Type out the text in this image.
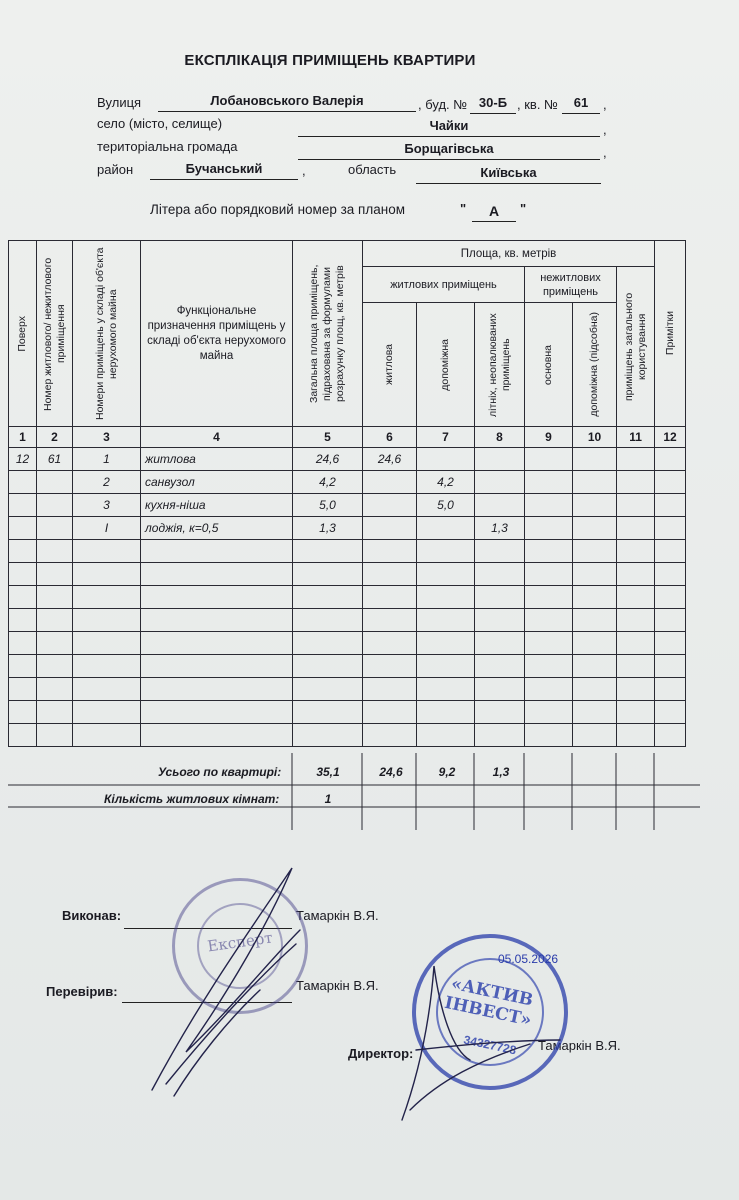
ЕКСПЛІКАЦІЯ ПРИМІЩЕНЬ КВАРТИРИ
Вулиця	Лобановського Валерія	, буд. № 30-Б , кв. №	61	,
село (місто, селище)	Чайки	,
територіальна громада	Борщагівська	,
район	Бучанський	,	область	Київська
Літера або порядковий номер за планом	"	А	"
Поверх	Номер житлового/ нежитлового приміщення	Номери приміщень у складі об'єкта нерухомого майна	Функціональне призначення приміщень у складі об'єкта нерухомого майна	Загальна площа приміщень, підрахована за формулами розрахунку площ, кв. метрів	Площа, кв. метрів						Примітки

					житлових приміщень			нежитлових приміщень		приміщень загального користування	

					житлова	допоміжна	літніх, неопалюваних приміщень	основна	допоміжна (підсобна)		

1	2	3	4	5	6	7	8	9	10	11	12
12	61	1	житлова	24,6	24,6						
		2	санвузол	4,2		4,2					
		3	кухня-ніша	5,0		5,0					
		I	лоджія, к=0,5	1,3			1,3				

Усього по квартирі:	35,1	24,6	9,2	1,3
Кількість житлових кімнат:	1
Виконав:	Тамаркін В.Я.
Перевірив:	Тамаркін В.Я.
Директор:
Тамаркін В.Я.
05.05.2026
Експерт
«АКТИВ ІНВЕСТ»
34327728
